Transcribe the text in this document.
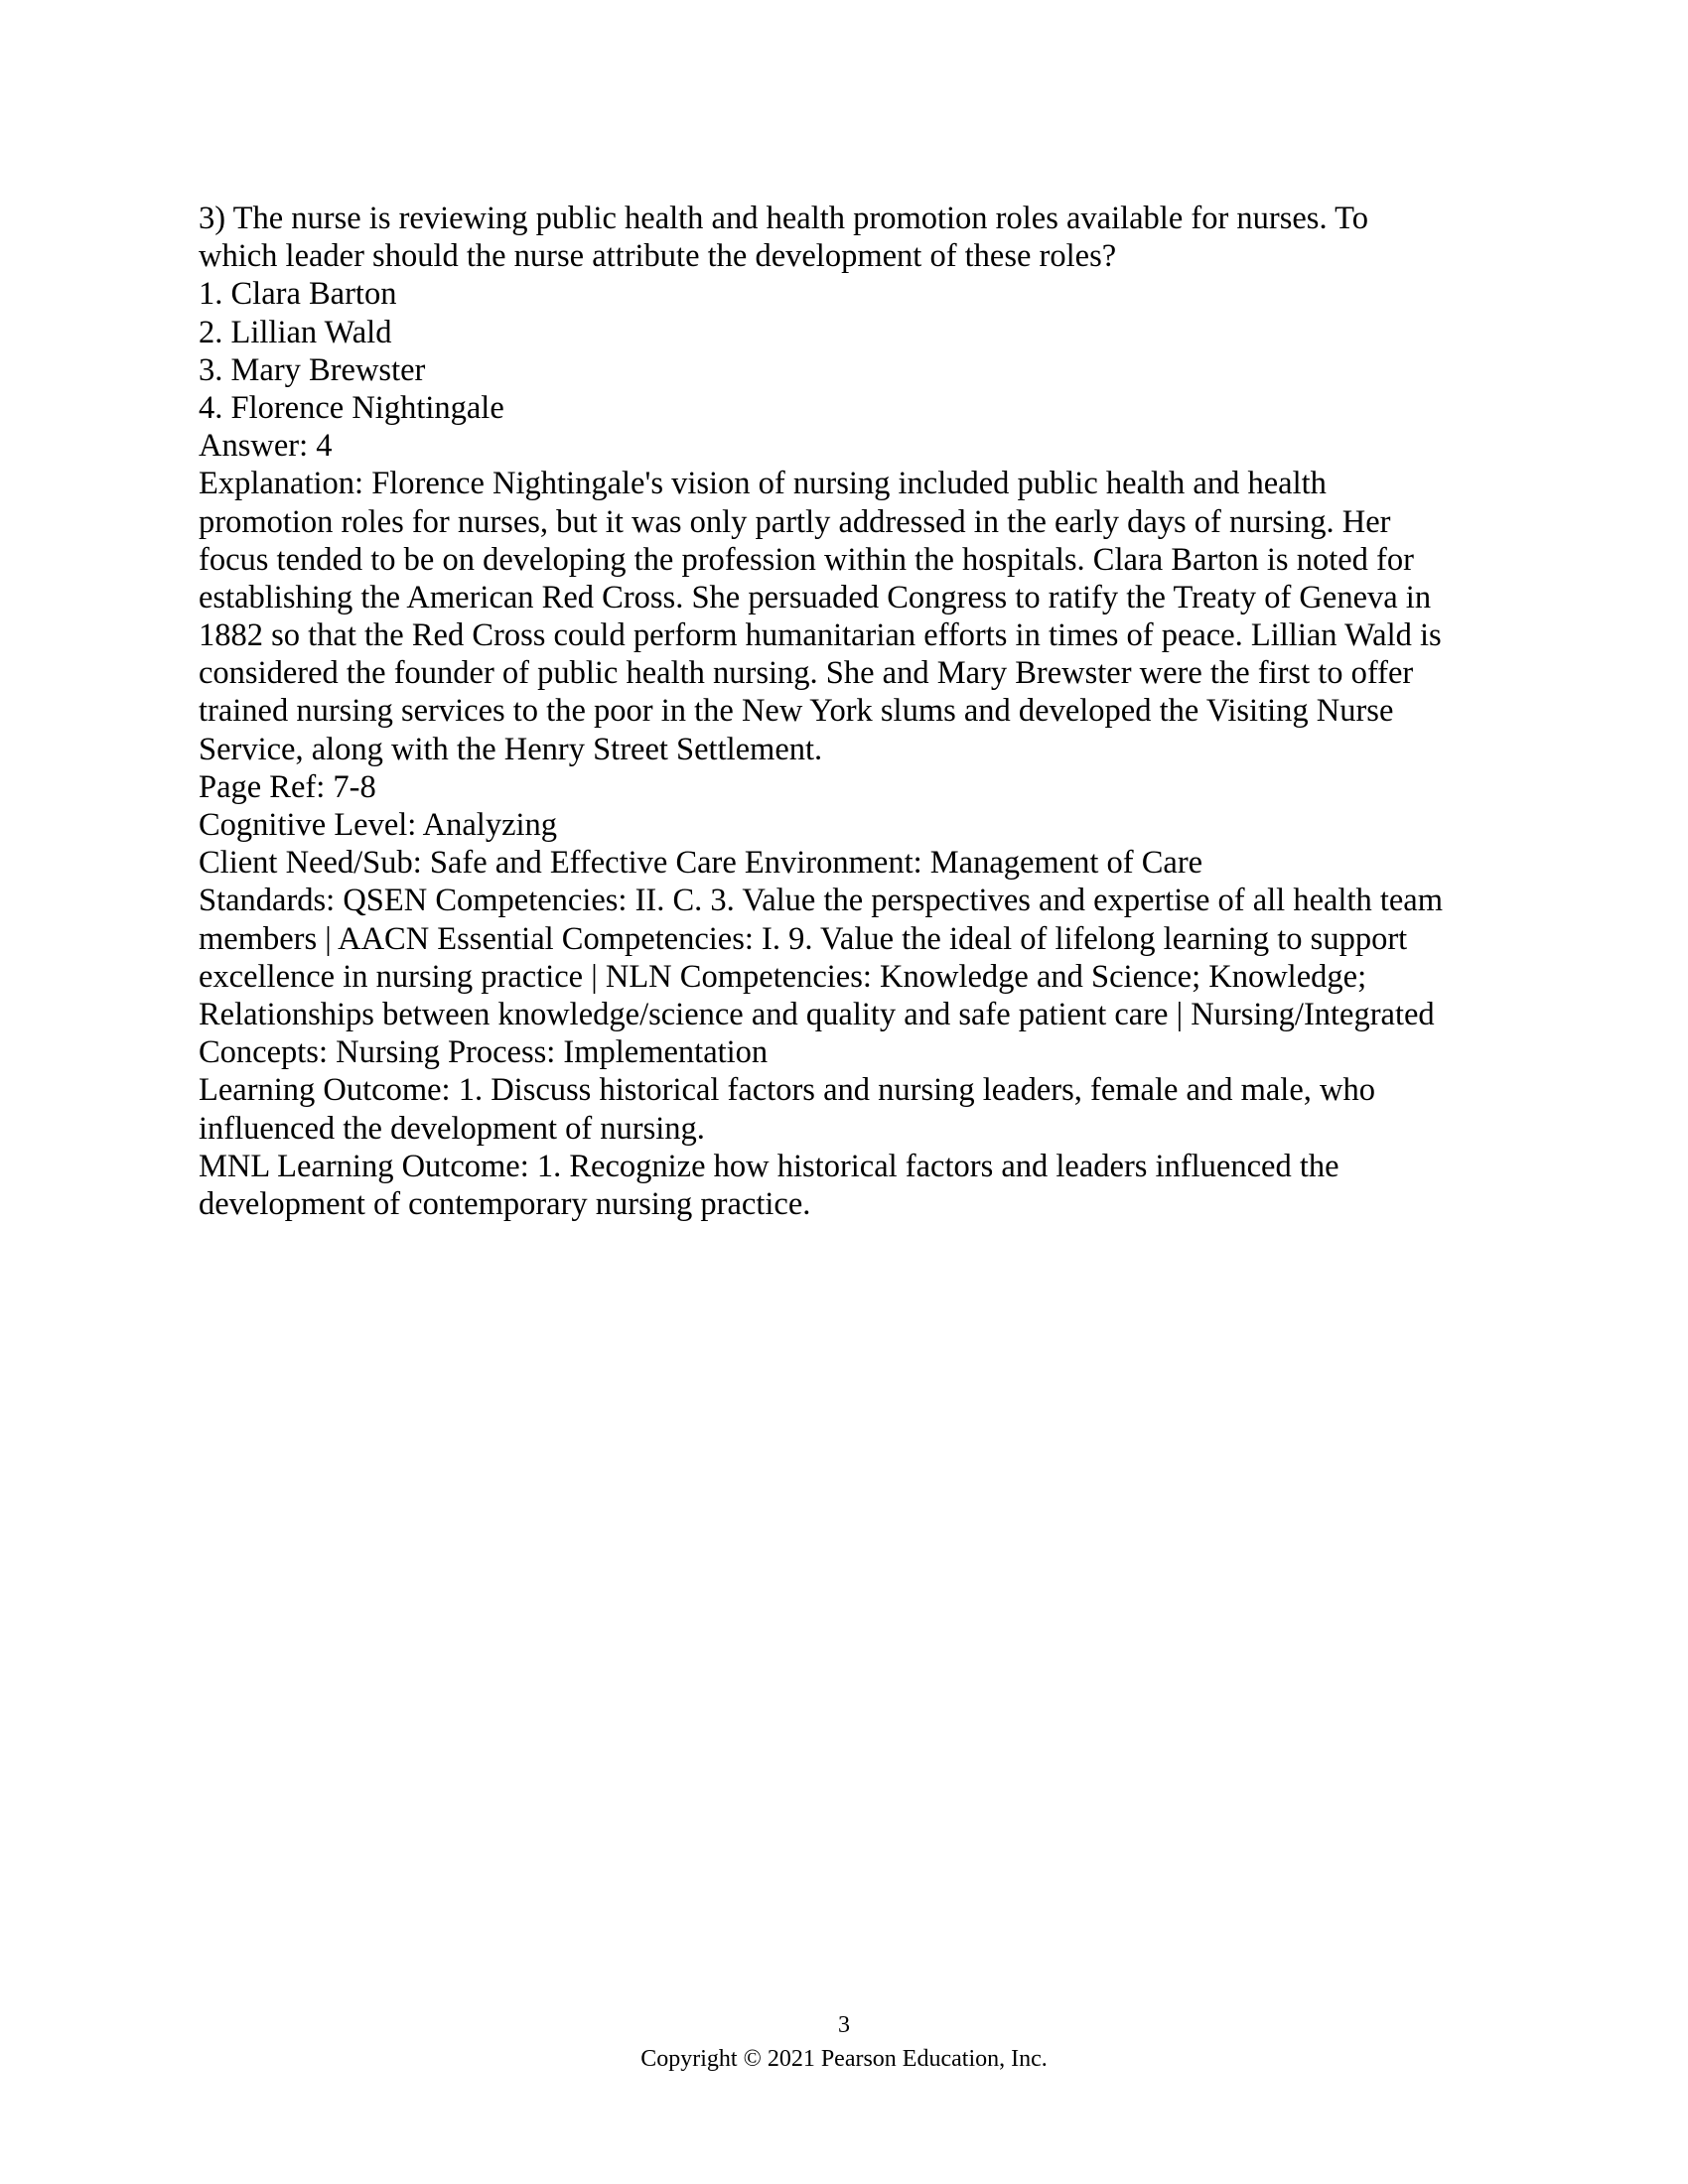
3) The nurse is reviewing public health and health promotion roles available for nurses. To
which leader should the nurse attribute the development of these roles?
1. Clara Barton
2. Lillian Wald
3. Mary Brewster
4. Florence Nightingale
Answer: 4
Explanation: Florence Nightingale's vision of nursing included public health and health
promotion roles for nurses, but it was only partly addressed in the early days of nursing. Her
focus tended to be on developing the profession within the hospitals. Clara Barton is noted for
establishing the American Red Cross. She persuaded Congress to ratify the Treaty of Geneva in
1882 so that the Red Cross could perform humanitarian efforts in times of peace. Lillian Wald is
considered the founder of public health nursing. She and Mary Brewster were the first to offer
trained nursing services to the poor in the New York slums and developed the Visiting Nurse
Service, along with the Henry Street Settlement.
Page Ref: 7-8
Cognitive Level: Analyzing
Client Need/Sub: Safe and Effective Care Environment: Management of Care
Standards: QSEN Competencies: II. C. 3. Value the perspectives and expertise of all health team
members | AACN Essential Competencies: I. 9. Value the ideal of lifelong learning to support
excellence in nursing practice | NLN Competencies: Knowledge and Science; Knowledge;
Relationships between knowledge/science and quality and safe patient care | Nursing/Integrated
Concepts: Nursing Process: Implementation
Learning Outcome: 1. Discuss historical factors and nursing leaders, female and male, who
influenced the development of nursing.
MNL Learning Outcome: 1. Recognize how historical factors and leaders influenced the
development of contemporary nursing practice.
3
Copyright © 2021 Pearson Education, Inc.
